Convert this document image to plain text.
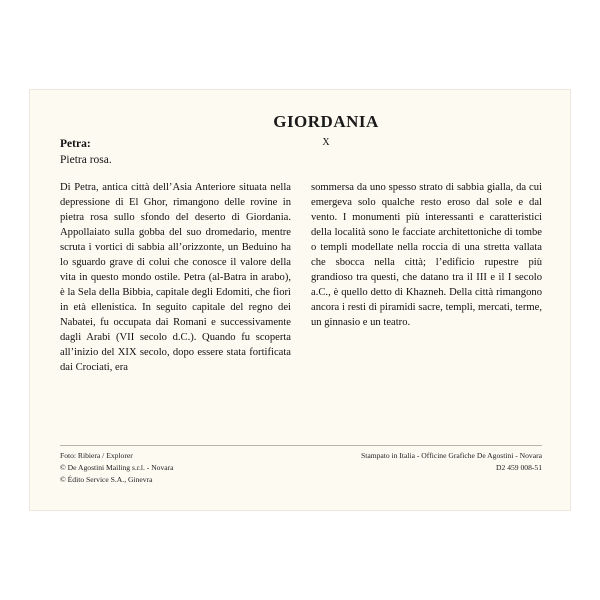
GIORDANIA
Petra:
Pietra rosa.
X

Di Petra, antica città dell’Asia Anteriore situata nella depressione di El Ghor, rimangono delle rovine in pietra rosa sullo sfondo del deserto di Giordania. Appollaiato sulla gobba del suo dromedario, mentre scruta i vortici di sabbia all’orizzonte, un Beduino ha lo sguardo grave di colui che conosce il valore della vita in questo mondo ostile. Petra (al-Batra in arabo), è la Sela della Bibbia, capitale degli Edomiti, che fiorì in età ellenistica. In seguito capitale del regno dei Nabatei, fu occupata dai Romani e successivamente dagli Arabi (VII secolo d.C.). Quando fu scoperta all’inizio del XIX secolo, dopo essere stata fortificata dai Crociati, era

sommersa da uno spesso strato di sabbia gialla, da cui emergeva solo qualche resto eroso dal sole e dal vento. I monumenti più interessanti e caratteristici della località sono le facciate architettoniche di tombe o templi modellate nella roccia di una stretta vallata che sbocca nella città; l’edificio rupestre più grandioso tra questi, che datano tra il III e il I secolo a.C., è quello detto di Khazneh. Della città rimangono ancora i resti di piramidi sacre, templi, mercati, terme, un ginnasio e un teatro.

Foto: Ribiera / Explorer
© De Agostini Mailing s.r.l. - Novara
© Édito Service S.A., Ginevra
Stampato in Italia - Officine Grafiche De Agostini - Novara
D2 459 008-51
